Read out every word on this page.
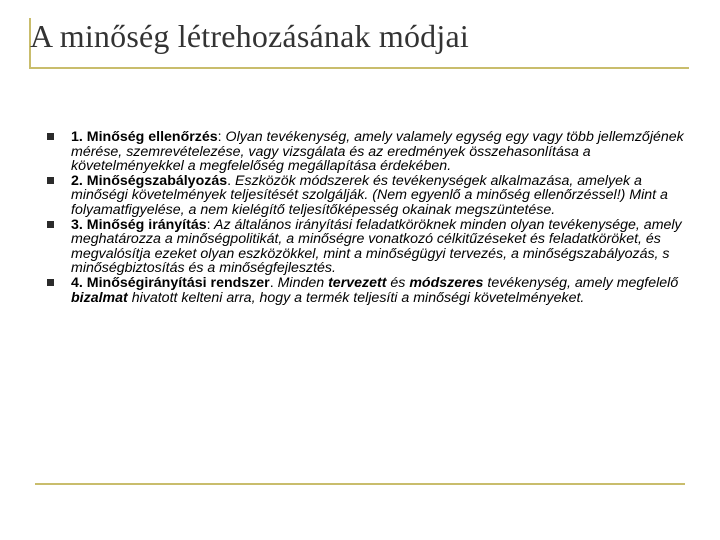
A minőség létrehozásának módjai
1. Minőség ellenőrzés: Olyan tevékenység, amely valamely egység egy vagy több jellemzőjének mérése, szemrevételezése, vagy vizsgálata és az eredmények összehasonlítása a követelményekkel a megfelelőség megállapítása érdekében.
2. Minőségszabályozás. Eszközök módszerek és tevékenységek alkalmazása, amelyek a minőségi követelmények teljesítését szolgálják. (Nem egyenlő a minőség ellenőrzéssel!) Mint a folyamatfigyelése, a nem kielégítő teljesítőképesség okainak megszüntetése.
3. Minőség irányítás: Az általános irányítási feladatköröknek minden olyan tevékenysége, amely meghatározza a minőségpolitikát, a minőségre vonatkozó célkitűzéseket és feladatköröket, és megvalósítja ezeket olyan eszközökkel, mint a minőségügyi tervezés, a minőségszabályozás, s minőségbiztosítás és a minőségfejlesztés.
4. Minőségirányítási rendszer. Minden tervezett és módszeres tevékenység, amely megfelelő bizalmat hivatott kelteni arra, hogy a termék teljesíti a minőségi követelményeket.
